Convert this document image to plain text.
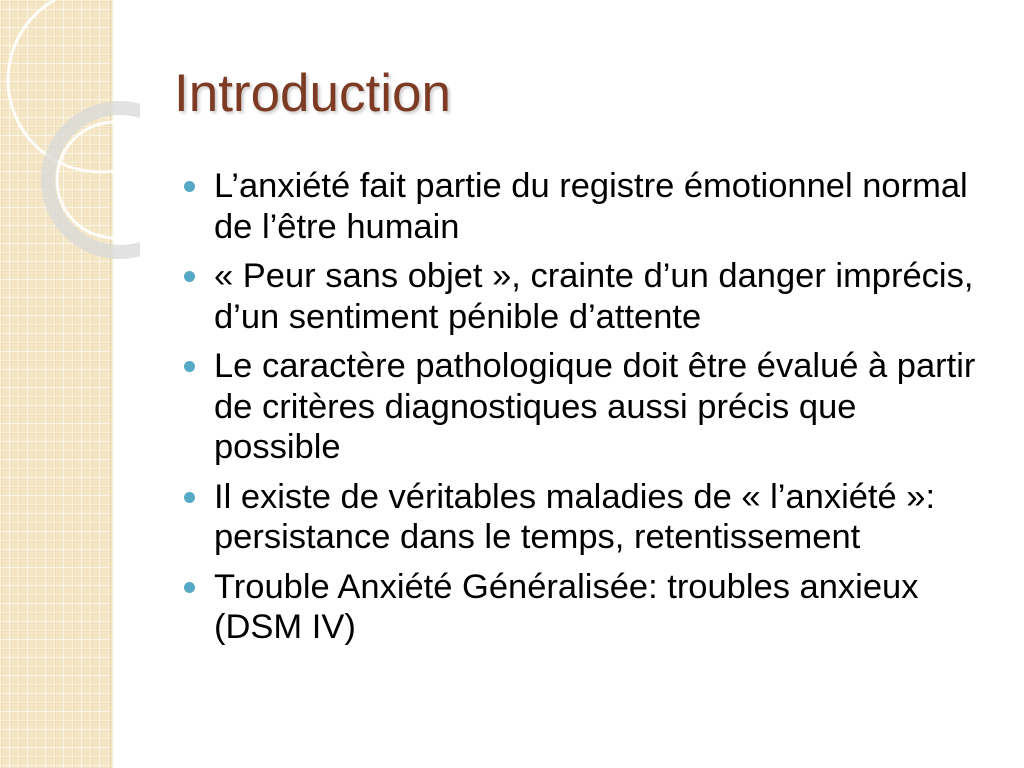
Introduction
L’anxiété fait partie du registre émotionnel normal de l’être humain
« Peur sans objet », crainte d’un danger imprécis, d’un sentiment pénible d’attente
Le caractère pathologique doit être évalué à partir de critères diagnostiques aussi précis que possible
Il existe de véritables maladies de « l’anxiété »: persistance dans le temps, retentissement
Trouble Anxiété Généralisée: troubles anxieux (DSM IV)
